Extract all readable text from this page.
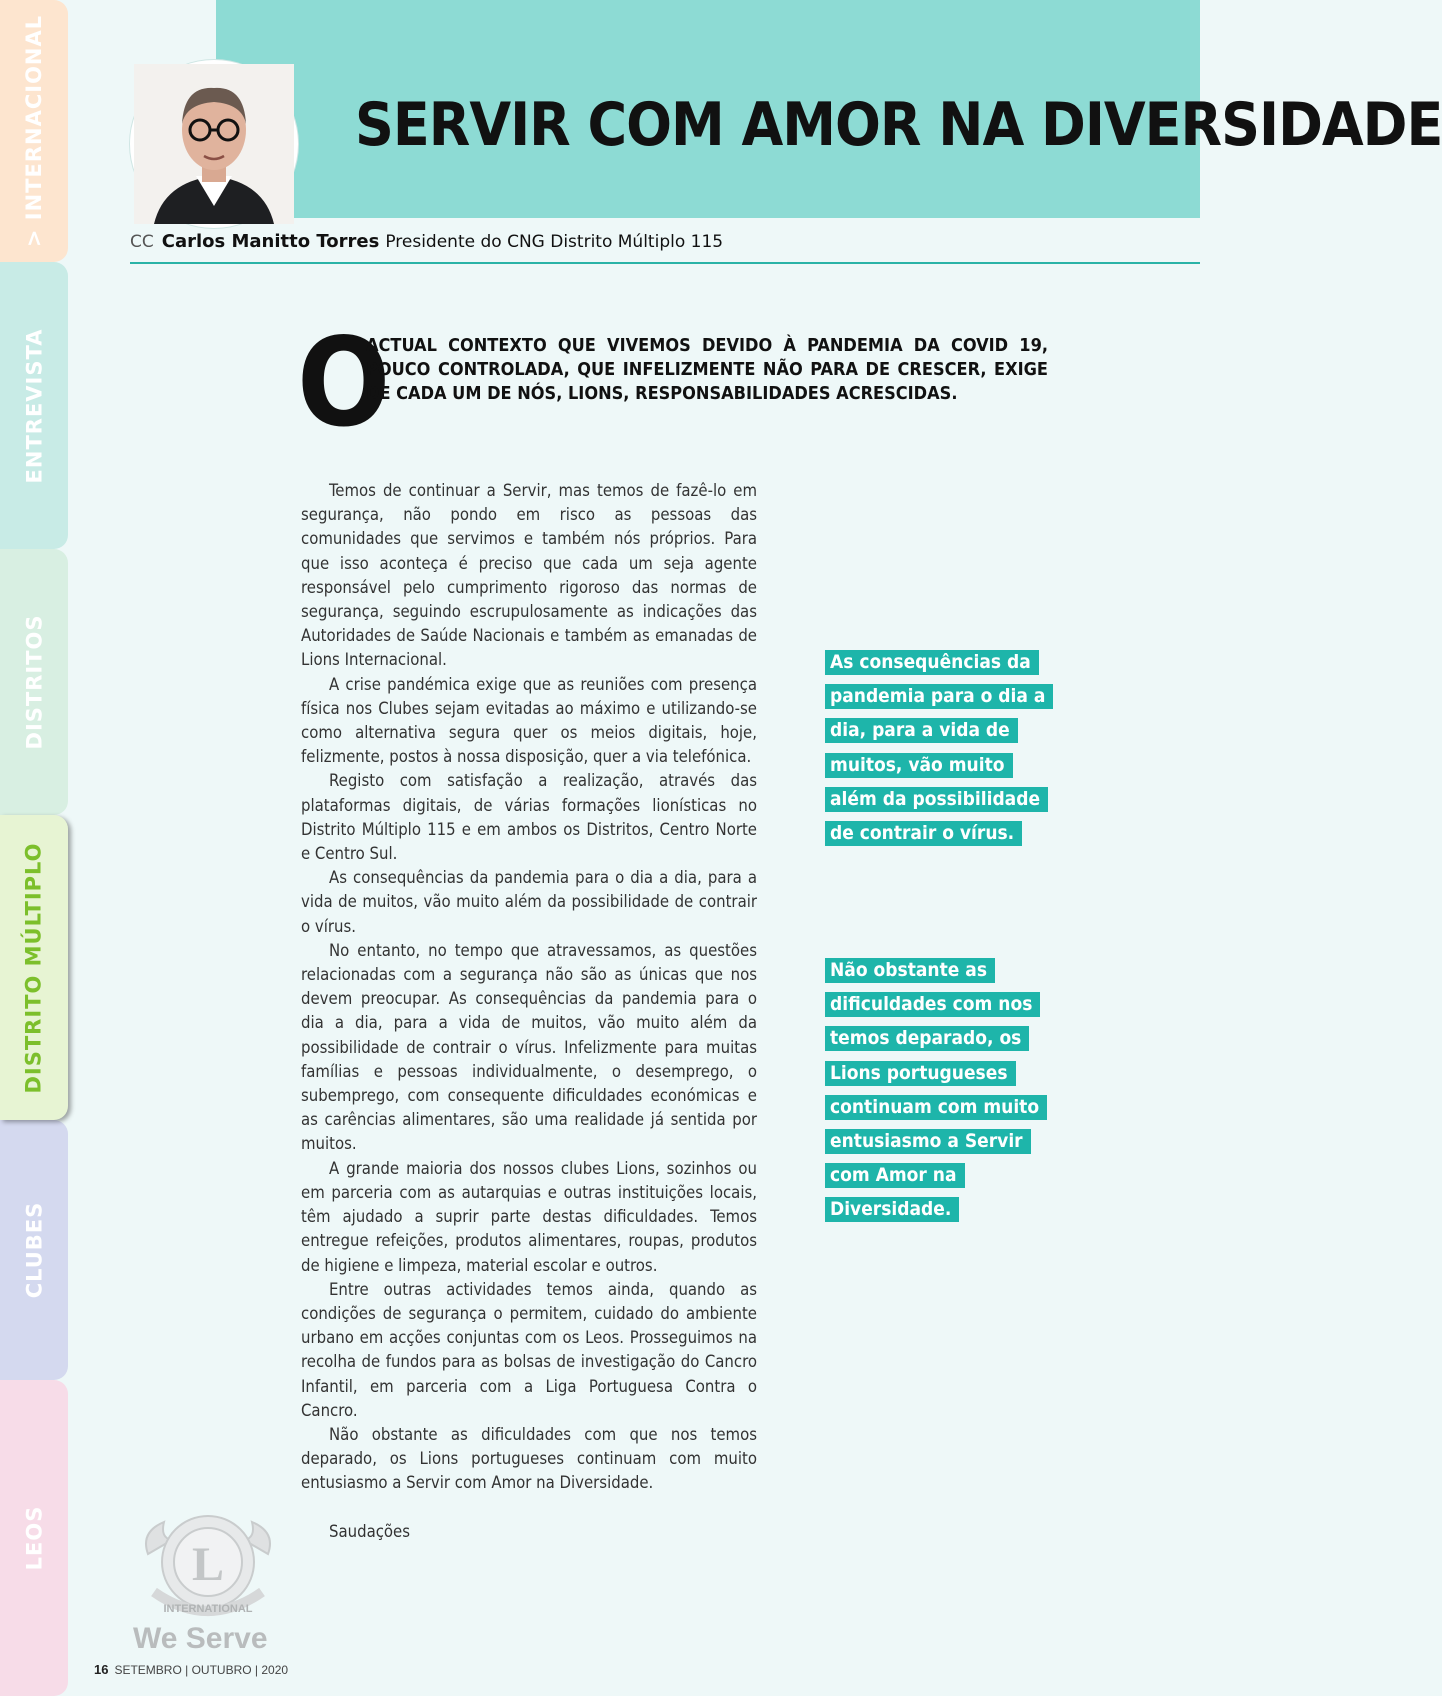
> INTERNACIONAL
ENTREVISTA
DISTRITOS
DISTRITO MÚLTIPLO
CLUBES
LEOS
SERVIR COM AMOR NA DIVERSIDADE
CC Carlos Manitto Torres Presidente do CNG Distrito Múltiplo 115
O

ACTUAL CONTEXTO QUE VIVEMOS DEVIDO À PANDEMIA DA COVID 19, POUCO CONTROLADA, QUE INFELIZMENTE NÃO PARA DE CRESCER, EXIGE DE CADA UM DE NÓS, LIONS, RESPONSABILIDADES ACRESCIDAS.

Temos de continuar a Servir, mas temos de fazê-lo em segurança, não pondo em risco as pessoas das comunidades que servimos e também nós próprios. Para que isso aconteça é preciso que cada um seja agente responsável pelo cumprimento rigoroso das normas de segurança, seguindo escrupulosamente as indicações das Autoridades de Saúde Nacionais e também as emanadas de Lions Internacional.

A crise pandémica exige que as reuniões com presença física nos Clubes sejam evitadas ao máximo e utilizando-se como alternativa segura quer os meios digitais, hoje, felizmente, postos à nossa disposição, quer a via telefónica.

Registo com satisfação a realização, através das plataformas digitais, de várias formações lionísticas no Distrito Múltiplo 115 e em ambos os Distritos, Centro Norte e Centro Sul.

As consequências da pandemia para o dia a dia, para a vida de muitos, vão muito além da possibilidade de contrair o vírus.

No entanto, no tempo que atravessamos, as questões relacionadas com a segurança não são as únicas que nos devem preocupar. As consequências da pandemia para o dia a dia, para a vida de muitos, vão muito além da possibilidade de contrair o vírus. Infelizmente para muitas famílias e pessoas individualmente, o desemprego, o subemprego, com consequente dificuldades económicas e as carências alimentares, são uma realidade já sentida por muitos.

A grande maioria dos nossos clubes Lions, sozinhos ou em parceria com as autarquias e outras instituições locais, têm ajudado a suprir parte destas dificuldades. Temos entregue refeições, produtos alimentares, roupas, produtos de higiene e limpeza, material escolar e outros.

Entre outras actividades temos ainda, quando as condições de segurança o permitem, cuidado do ambiente urbano em acções conjuntas com os Leos. Prosseguimos na recolha de fundos para as bolsas de investigação do Cancro Infantil, em parceria com a Liga Portuguesa Contra o Cancro.

Não obstante as dificuldades com que nos temos deparado, os Lions portugueses continuam com muito entusiasmo a Servir com Amor na Diversidade.

Saudações

As consequências da pandemia para o dia a dia, para a vida de muitos, vão muito além da possibilidade de contrair o vírus.
Não obstante as dificuldades com nos temos deparado, os Lions portugueses continuam com muito entusiasmo a Servir com Amor na Diversidade.
L
INTERNATIONAL
We Serve
16 SETEMBRO | OUTUBRO | 2020
